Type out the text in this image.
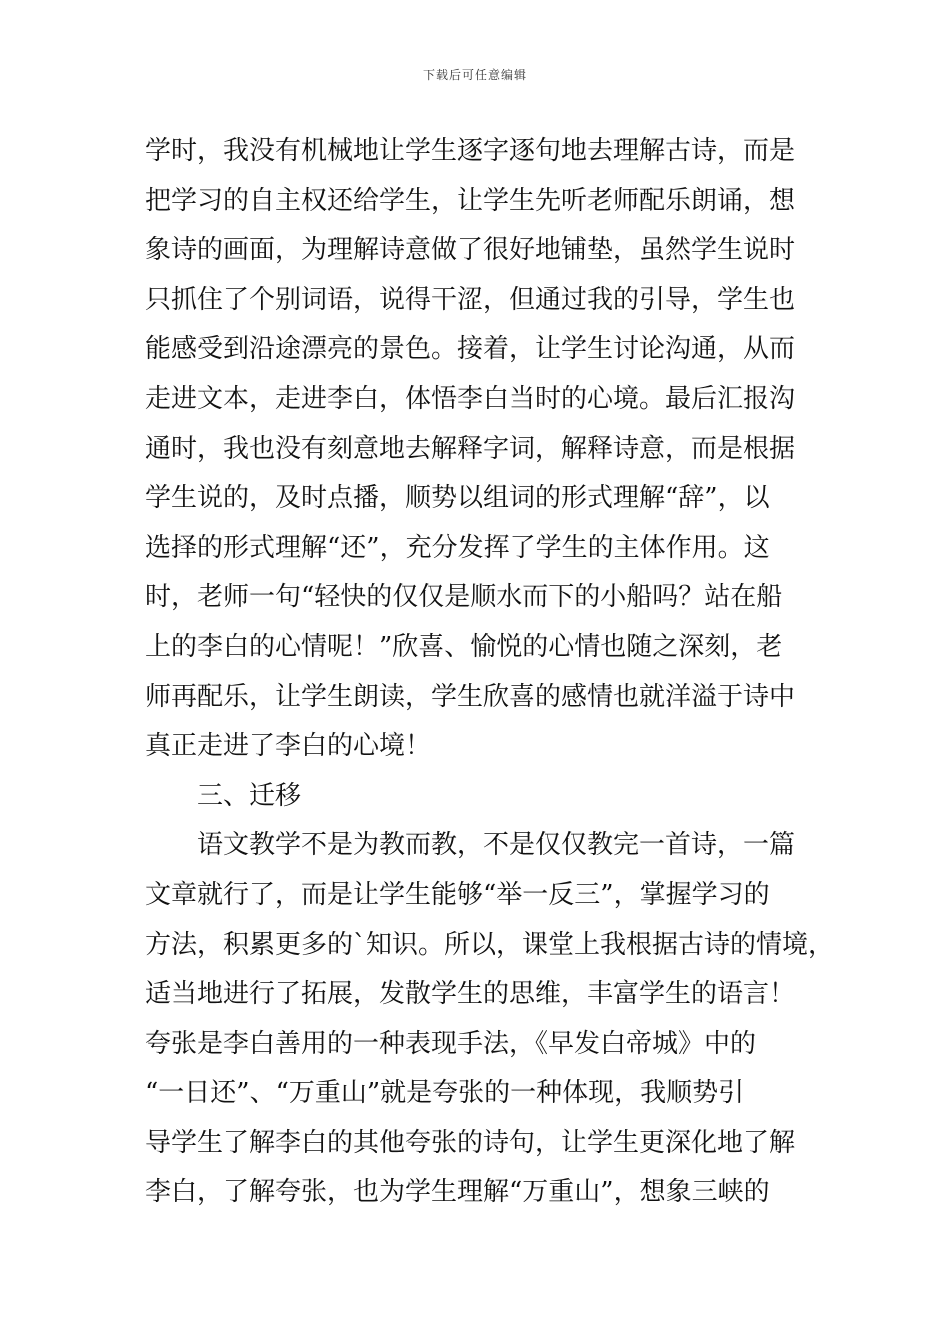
下载后可任意编辑
学时，我没有机械地让学生逐字逐句地去理解古诗，而是
把学习的自主权还给学生，让学生先听老师配乐朗诵，想
象诗的画面，为理解诗意做了很好地铺垫，虽然学生说时
只抓住了个别词语，说得干涩，但通过我的引导，学生也
能感受到沿途漂亮的景色。接着，让学生讨论沟通，从而
走进文本，走进李白，体悟李白当时的心境。最后汇报沟
通时，我也没有刻意地去解释字词，解释诗意，而是根据
学生说的，及时点播，顺势以组词的形式理解“辞”，以
选择的形式理解“还”，充分发挥了学生的主体作用。这
时，老师一句“轻快的仅仅是顺水而下的小船吗？站在船
上的李白的心情呢！”欣喜、愉悦的心情也随之深刻，老
师再配乐，让学生朗读，学生欣喜的感情也就洋溢于诗中
真正走进了李白的心境！
三、迁移
语文教学不是为教而教，不是仅仅教完一首诗，一篇
文章就行了，而是让学生能够“举一反三”，掌握学习的
方法，积累更多的`知识。所以，课堂上我根据古诗的情境，
适当地进行了拓展，发散学生的思维，丰富学生的语言！
夸张是李白善用的一种表现手法，《早发白帝城》中的
“一日还”、“万重山”就是夸张的一种体现，我顺势引
导学生了解李白的其他夸张的诗句，让学生更深化地了解
李白，了解夸张，也为学生理解“万重山”，想象三峡的
